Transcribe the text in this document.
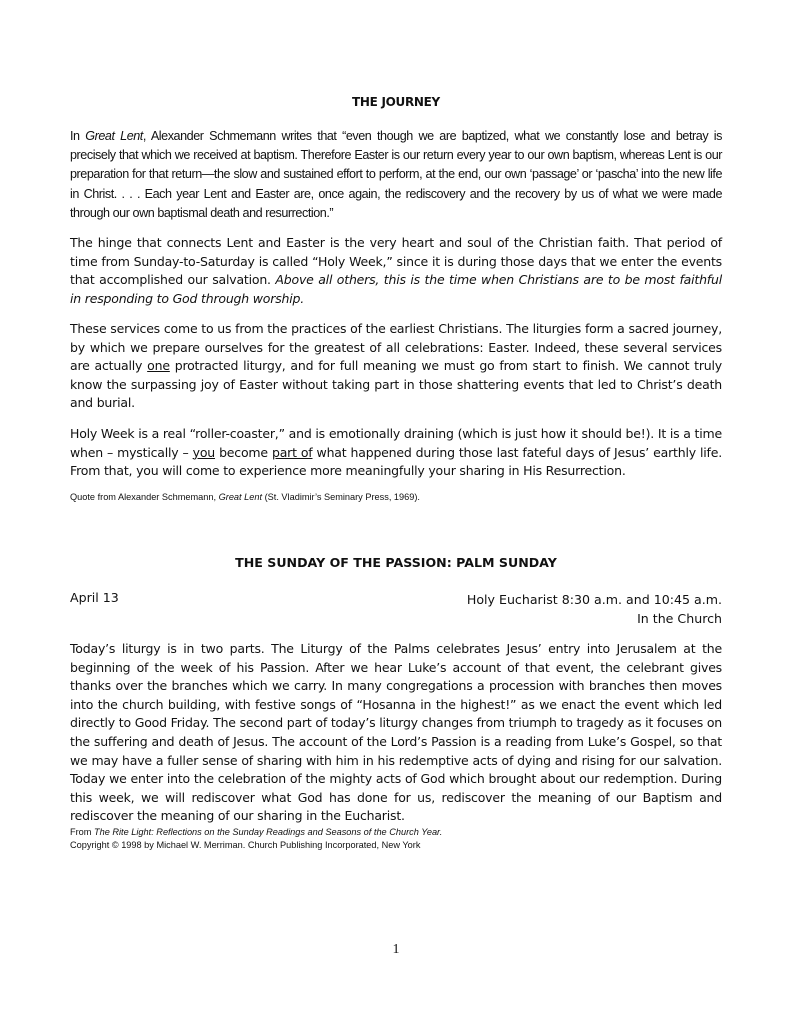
THE JOURNEY

In Great Lent, Alexander Schmemann writes that “even though we are baptized, what we constantly lose and betray is precisely that which we received at baptism. Therefore Easter is our return every year to our own baptism, whereas Lent is our preparation for that return—the slow and sustained effort to perform, at the end, our own ‘passage’ or ‘pascha’ into the new life in Christ. . . . Each year Lent and Easter are, once again, the rediscovery and the recovery by us of what we were made through our own baptismal death and resurrection.”

The hinge that connects Lent and Easter is the very heart and soul of the Christian faith. That period of time from Sunday-to-Saturday is called “Holy Week,” since it is during those days that we enter the events that accomplished our salvation. Above all others, this is the time when Christians are to be most faithful in responding to God through worship.

These services come to us from the practices of the earliest Christians. The liturgies form a sacred journey, by which we prepare ourselves for the greatest of all celebrations: Easter. Indeed, these several services are actually one protracted liturgy, and for full meaning we must go from start to finish. We cannot truly know the surpassing joy of Easter without taking part in those shattering events that led to Christ’s death and burial.

Holy Week is a real “roller-coaster,” and is emotionally draining (which is just how it should be!). It is a time when – mystically – you become part of what happened during those last fateful days of Jesus’ earthly life. From that, you will come to experience more meaningfully your sharing in His Resurrection.

Quote from Alexander Schmemann, Great Lent (St. Vladimir’s Seminary Press, 1969).

THE SUNDAY OF THE PASSION: PALM SUNDAY
April 13	Holy Eucharist 8:30 a.m. and 10:45 a.m.
In the Church

Today’s liturgy is in two parts. The Liturgy of the Palms celebrates Jesus’ entry into Jerusalem at the beginning of the week of his Passion. After we hear Luke’s account of that event, the celebrant gives thanks over the branches which we carry. In many congregations a procession with branches then moves into the church building, with festive songs of “Hosanna in the highest!” as we enact the event which led directly to Good Friday. The second part of today’s liturgy changes from triumph to tragedy as it focuses on the suffering and death of Jesus. The account of the Lord’s Passion is a reading from Luke’s Gospel, so that we may have a fuller sense of sharing with him in his redemptive acts of dying and rising for our salvation. Today we enter into the celebration of the mighty acts of God which brought about our redemption. During this week, we will rediscover what God has done for us, rediscover the meaning of our Baptism and rediscover the meaning of our sharing in the Eucharist.

From The Rite Light: Reflections on the Sunday Readings and Seasons of the Church Year.

Copyright © 1998 by Michael W. Merriman. Church Publishing Incorporated, New York

1
